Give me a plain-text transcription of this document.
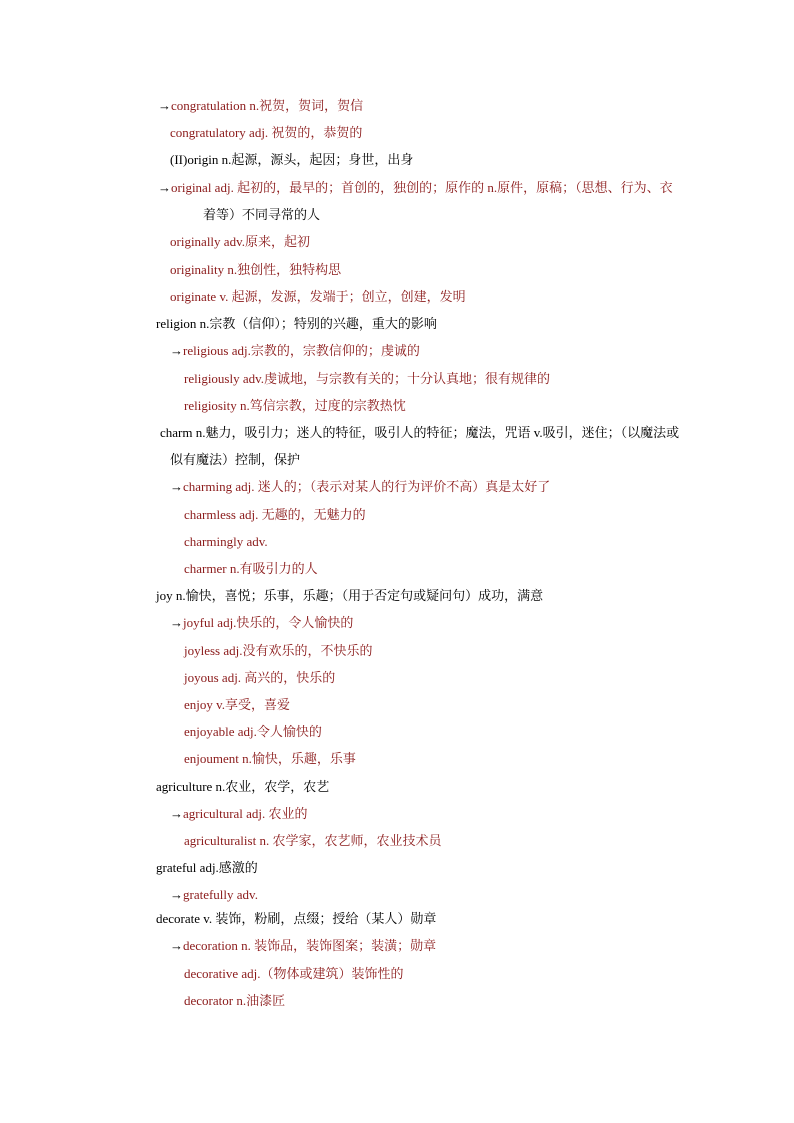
→congratulation n.祝贺，贺词，贺信
congratulatory adj. 祝贺的，恭贺的
(II)origin n.起源，源头，起因；身世，出身
→original adj. 起初的，最早的；首创的，独创的；原作的 n.原件，原稿；（思想、行为、衣
着等）不同寻常的人
originally adv.原来，起初
originality n.独创性，独特构思
originate v. 起源，发源，发端于；创立，创建，发明
religion n.宗教（信仰）；特别的兴趣，重大的影响
→religious adj.宗教的，宗教信仰的；虔诚的
religiously adv.虔诚地，与宗教有关的；十分认真地；很有规律的
religiosity n.笃信宗教，过度的宗教热忱
charm n.魅力，吸引力；迷人的特征，吸引人的特征；魔法，咒语 v.吸引，迷住；（以魔法或
似有魔法）控制，保护
→charming adj. 迷人的；（表示对某人的行为评价不高）真是太好了
charmless adj. 无趣的，无魅力的
charmingly adv.
charmer n.有吸引力的人
joy n.愉快，喜悦；乐事，乐趣；（用于否定句或疑问句）成功，满意
→joyful adj.快乐的，令人愉快的
joyless adj.没有欢乐的，不快乐的
joyous adj. 高兴的，快乐的
enjoy v.享受，喜爱
enjoyable adj.令人愉快的
enjoument n.愉快，乐趣，乐事
agriculture n.农业，农学，农艺
→agricultural adj. 农业的
agriculturalist n. 农学家，农艺师，农业技术员
grateful adj.感激的
→gratefully adv.
decorate v. 装饰，粉刷，点缀；授给（某人）勋章
→decoration n. 装饰品，装饰图案；装潢；勋章
decorative adj.（物体或建筑）装饰性的
decorator n.油漆匠
